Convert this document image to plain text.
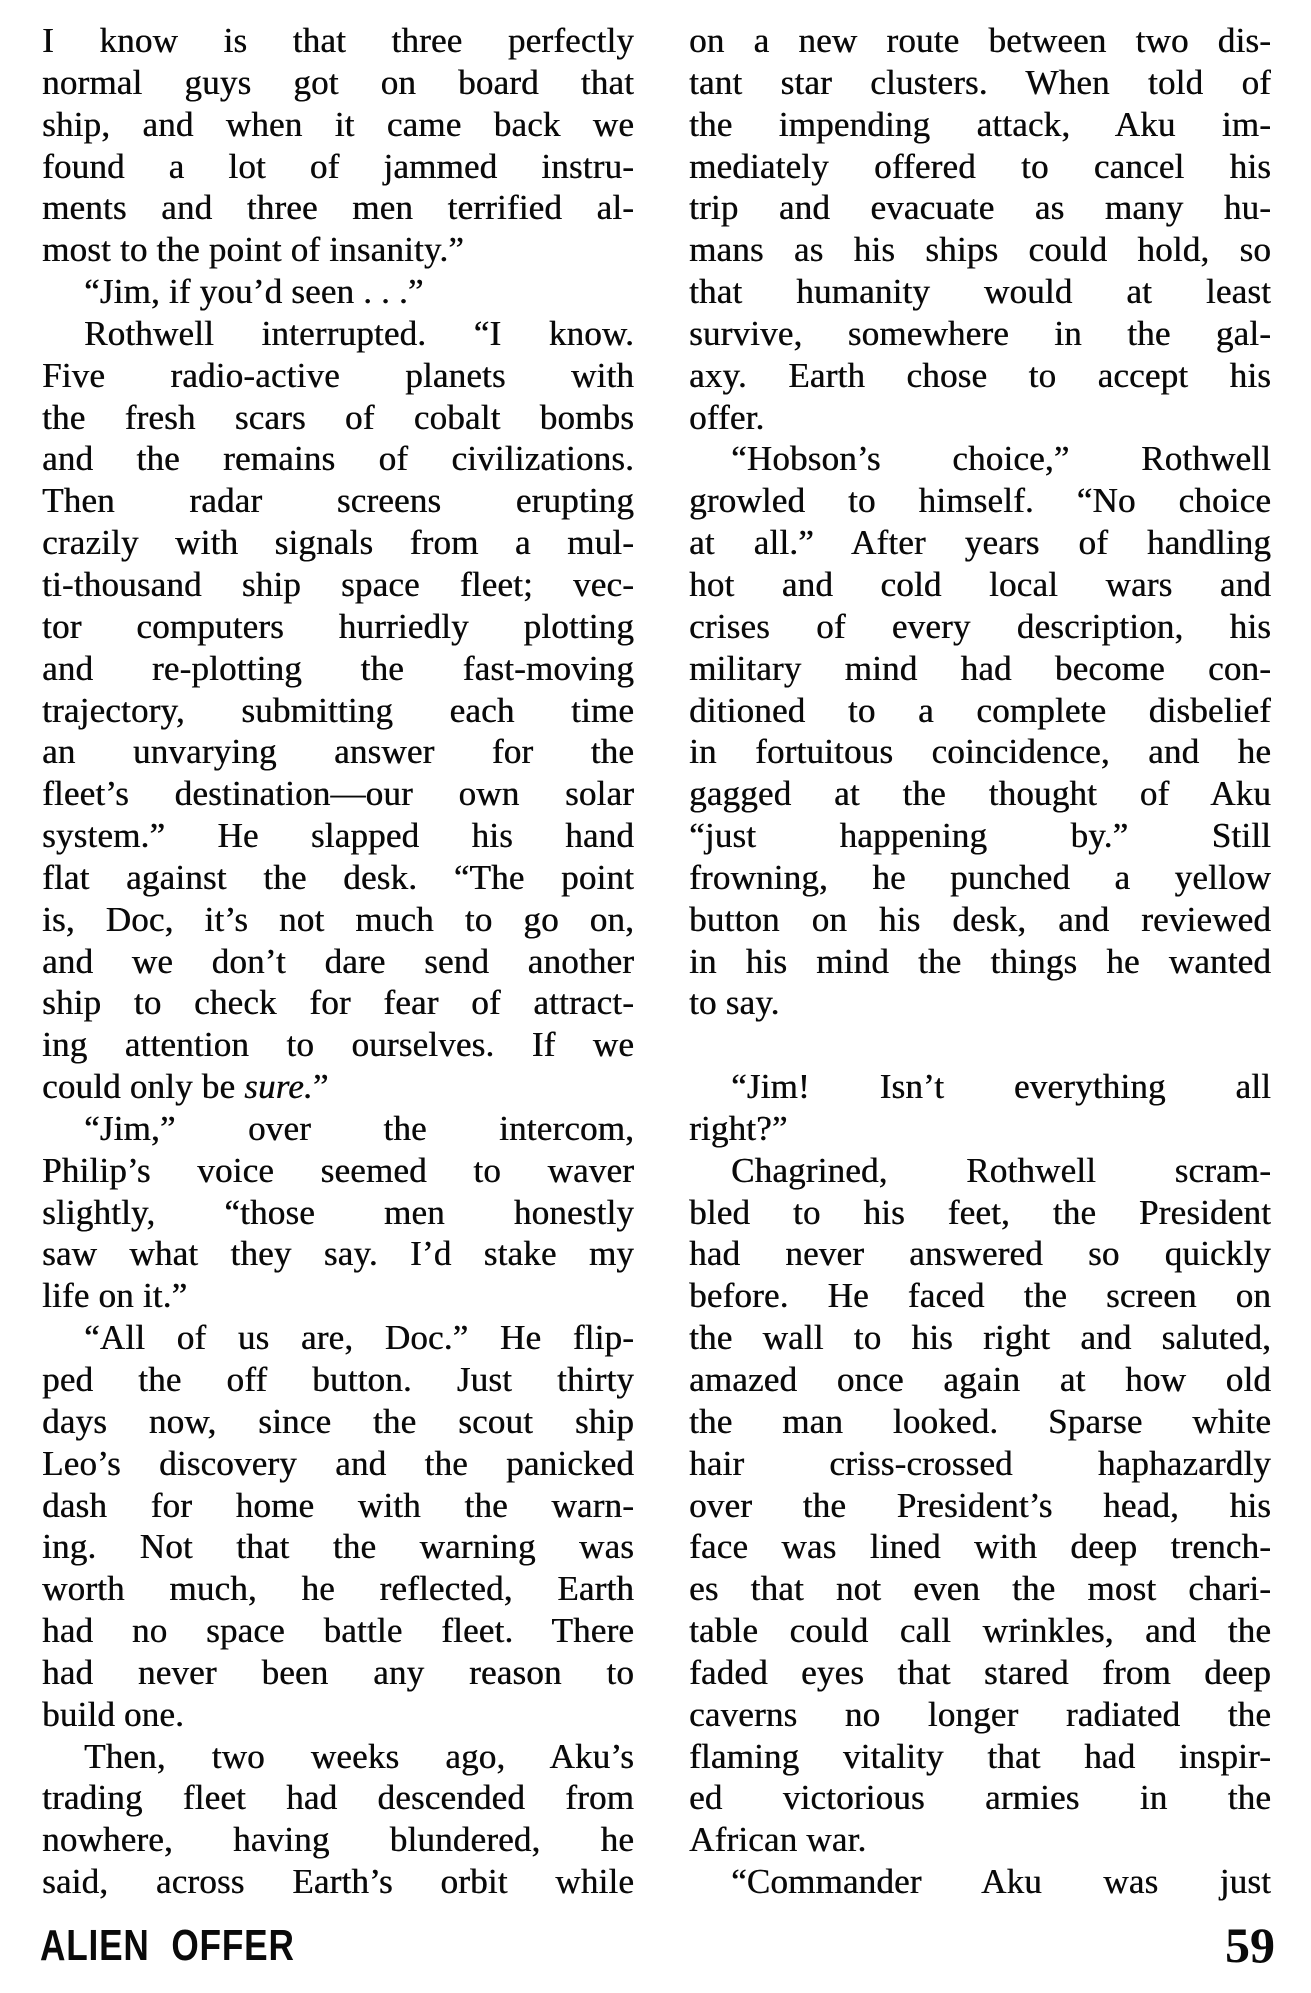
I know is that three perfectly
normal guys got on board that
ship, and when it came back we
found a lot of jammed instru-
ments and three men terrified al-
most to the point of insanity.”
“Jim, if you’d seen . . .”
Rothwell interrupted. “I know.
Five radio-active planets with
the fresh scars of cobalt bombs
and the remains of civilizations.
Then radar screens erupting
crazily with signals from a mul-
ti-thousand ship space fleet; vec-
tor computers hurriedly plotting
and re-plotting the fast-moving
trajectory, submitting each time
an unvarying answer for the
fleet’s destination—our own solar
system.” He slapped his hand
flat against the desk. “The point
is, Doc, it’s not much to go on,
and we don’t dare send another
ship to check for fear of attract-
ing attention to ourselves. If we
could only be sure.”
“Jim,” over the intercom,
Philip’s voice seemed to waver
slightly, “those men honestly
saw what they say. I’d stake my
life on it.”
“All of us are, Doc.” He flip-
ped the off button. Just thirty
days now, since the scout ship
Leo’s discovery and the panicked
dash for home with the warn-
ing. Not that the warning was
worth much, he reflected, Earth
had no space battle fleet. There
had never been any reason to
build one.
Then, two weeks ago, Aku’s
trading fleet had descended from
nowhere, having blundered, he
said, across Earth’s orbit while
on a new route between two dis-
tant star clusters. When told of
the impending attack, Aku im-
mediately offered to cancel his
trip and evacuate as many hu-
mans as his ships could hold, so
that humanity would at least
survive, somewhere in the gal-
axy. Earth chose to accept his
offer.
“Hobson’s choice,” Rothwell
growled to himself. “No choice
at all.” After years of handling
hot and cold local wars and
crises of every description, his
military mind had become con-
ditioned to a complete disbelief
in fortuitous coincidence, and he
gagged at the thought of Aku
“just happening by.” Still
frowning, he punched a yellow
button on his desk, and reviewed
in his mind the things he wanted
to say.
“Jim! Isn’t everything all
right?”
Chagrined, Rothwell scram-
bled to his feet, the President
had never answered so quickly
before. He faced the screen on
the wall to his right and saluted,
amazed once again at how old
the man looked. Sparse white
hair criss-crossed haphazardly
over the President’s head, his
face was lined with deep trench-
es that not even the most chari-
table could call wrinkles, and the
faded eyes that stared from deep
caverns no longer radiated the
flaming vitality that had inspir-
ed victorious armies in the
African war.
“Commander Aku was just
ALIEN OFFER	59
